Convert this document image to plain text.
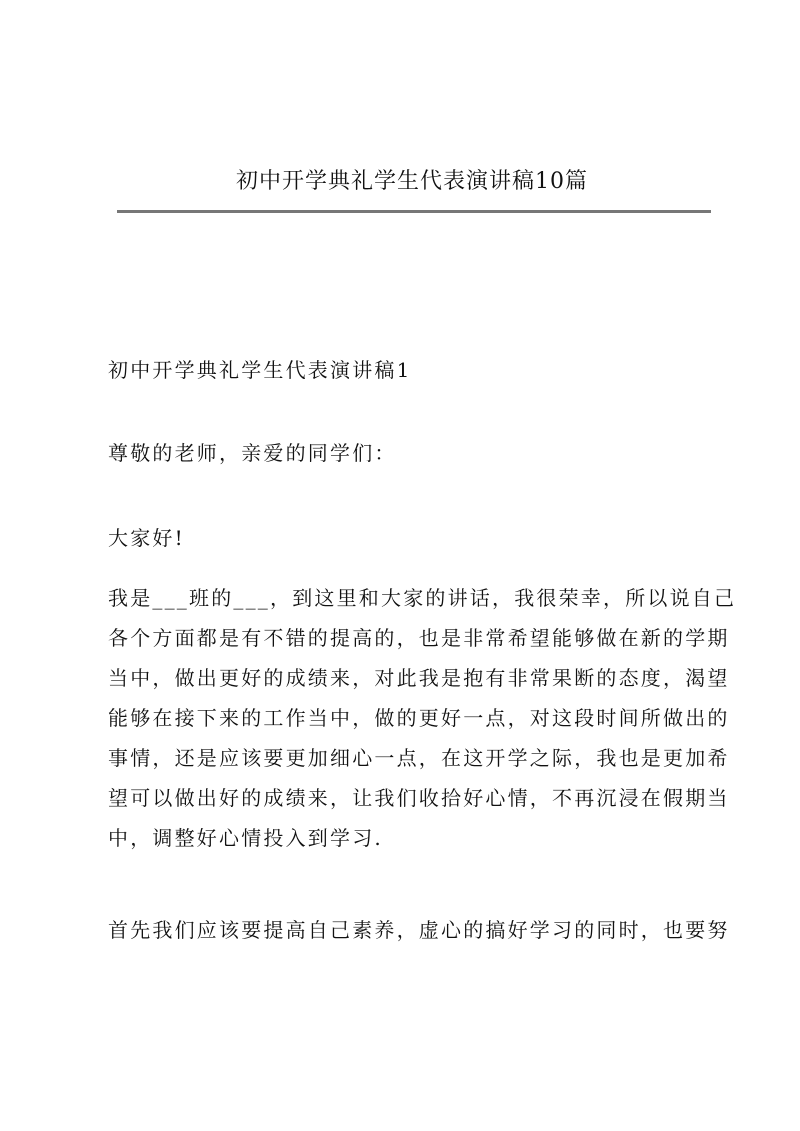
初中开学典礼学生代表演讲稿10篇
初中开学典礼学生代表演讲稿1
尊敬的老师，亲爱的同学们：
大家好!
我是___班的___，到这里和大家的讲话，我很荣幸，所以说自己
各个方面都是有不错的提高的，也是非常希望能够做在新的学期
当中，做出更好的成绩来，对此我是抱有非常果断的态度，渴望
能够在接下来的工作当中，做的更好一点，对这段时间所做出的
事情，还是应该要更加细心一点，在这开学之际，我也是更加希
望可以做出好的成绩来，让我们收拾好心情，不再沉浸在假期当
中，调整好心情投入到学习.
首先我们应该要提高自己素养，虚心的搞好学习的同时，也要努
